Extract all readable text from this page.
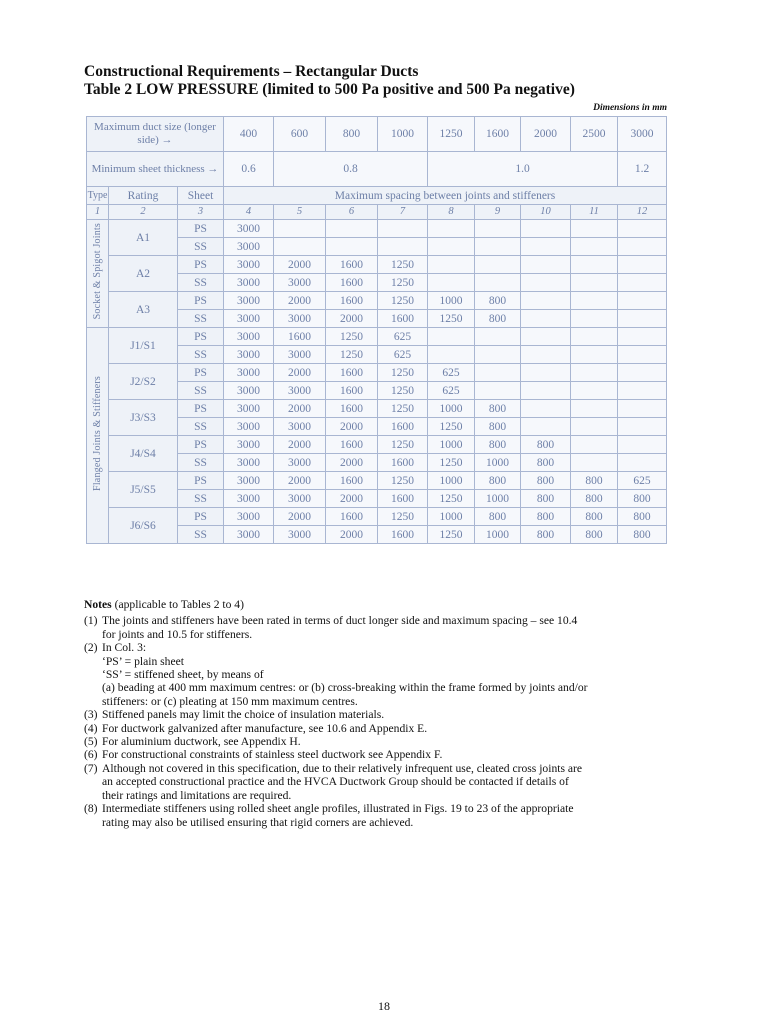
Constructional Requirements – Rectangular Ducts
Table 2 LOW PRESSURE (limited to 500 Pa positive and 500 Pa negative)
Dimensions in mm
Maximum duct size (longer side) →			400	600	800	1000	1250	1600	2000	2500	3000
Minimum sheet thickness →			0.6	0.8			1.0				1.2
Type	Rating	Sheet	Maximum spacing between joints and stiffeners								
1	2	3	4	5	6	7	8	9	10	11	12
Socket & Spigot Joints	A1	PS	3000								
		SS	3000								
	A2	PS	3000	2000	1600	1250					
		SS	3000	3000	1600	1250					
	A3	PS	3000	2000	1600	1250	1000	800			
		SS	3000	3000	2000	1600	1250	800			
Flanged Joints & Stiffeners	J1/S1	PS	3000	1600	1250	625					
		SS	3000	3000	1250	625					
	J2/S2	PS	3000	2000	1600	1250	625				
		SS	3000	3000	1600	1250	625				
	J3/S3	PS	3000	2000	1600	1250	1000	800			
		SS	3000	3000	2000	1600	1250	800			
	J4/S4	PS	3000	2000	1600	1250	1000	800	800		
		SS	3000	3000	2000	1600	1250	1000	800		
	J5/S5	PS	3000	2000	1600	1250	1000	800	800	800	625
		SS	3000	3000	2000	1600	1250	1000	800	800	800
	J6/S6	PS	3000	2000	1600	1250	1000	800	800	800	800
		SS	3000	3000	2000	1600	1250	1000	800	800	800
Notes (applicable to Tables 2 to 4)
(1) The joints and stiffeners have been rated in terms of duct longer side and maximum spacing – see 10.4
for joints and 10.5 for stiffeners.
(2) In Col. 3:
‘PS’ = plain sheet
‘SS’ = stiffened sheet, by means of
(a) beading at 400 mm maximum centres: or (b) cross-breaking within the frame formed by joints and/or
stiffeners: or (c) pleating at 150 mm maximum centres.
(3) Stiffened panels may limit the choice of insulation materials.
(4) For ductwork galvanized after manufacture, see 10.6 and Appendix E.
(5) For aluminium ductwork, see Appendix H.
(6) For constructional constraints of stainless steel ductwork see Appendix F.
(7) Although not covered in this specification, due to their relatively infrequent use, cleated cross joints are
an accepted constructional practice and the HVCA Ductwork Group should be contacted if details of
their ratings and limitations are required.
(8) Intermediate stiffeners using rolled sheet angle profiles, illustrated in Figs. 19 to 23 of the appropriate
rating may also be utilised ensuring that rigid corners are achieved.
18
